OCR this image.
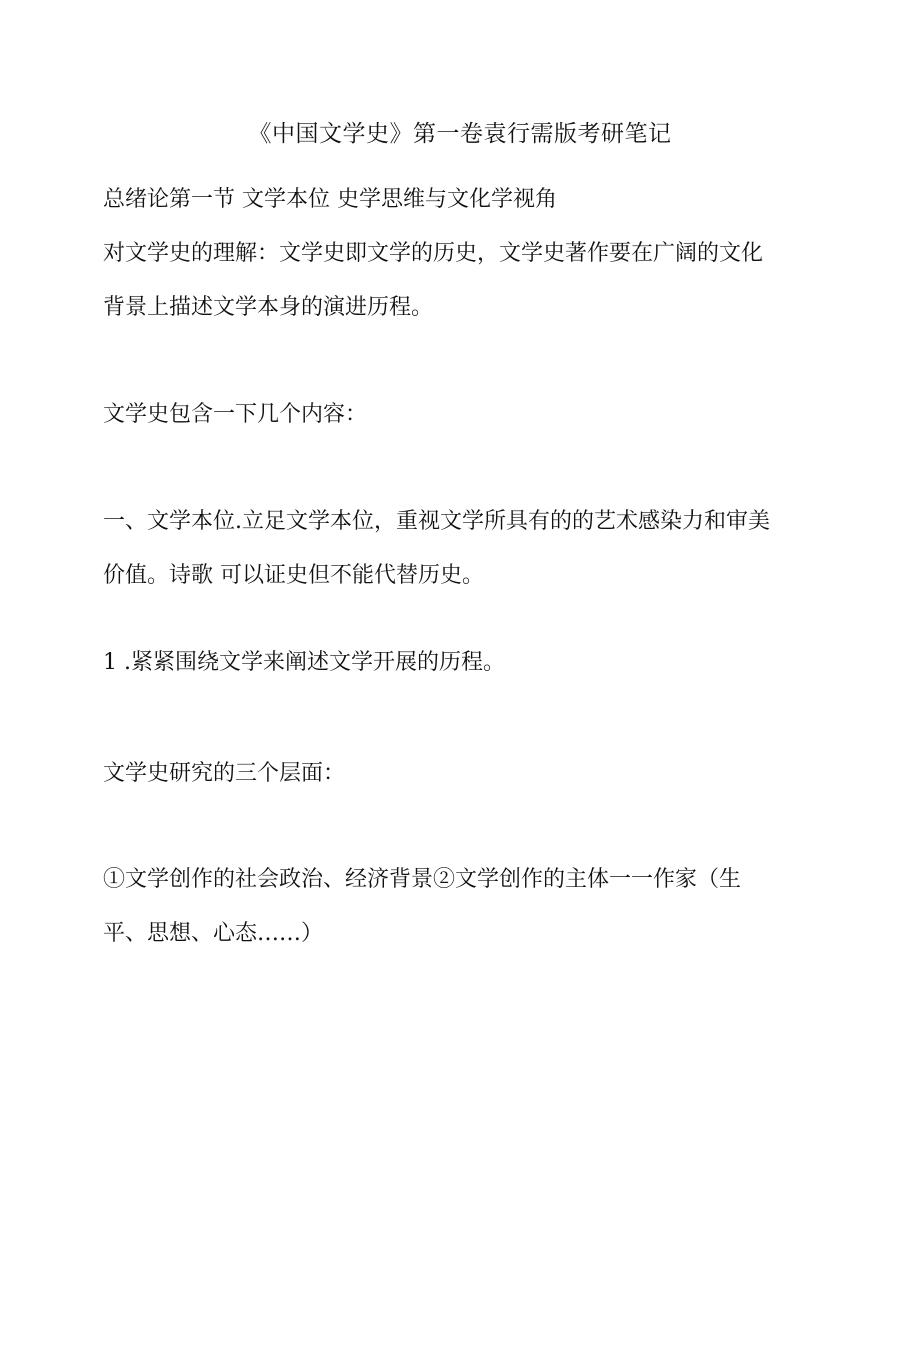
《中国文学史》第一卷袁行需版考研笔记
总绪论第一节 文学本位 史学思维与文化学视角
对文学史的理解：文学史即文学的历史，文学史著作要在广阔的文化
背景上描述文学本身的演进历程。
文学史包含一下几个内容：
一、文学本位.立足文学本位，重视文学所具有的的艺术感染力和审美
价值。诗歌 可以证史但不能代替历史。
1 .紧紧围绕文学来阐述文学开展的历程。
文学史研究的三个层面：
①文学创作的社会政治、经济背景②文学创作的主体一一作家（生
平、思想、心态……）
